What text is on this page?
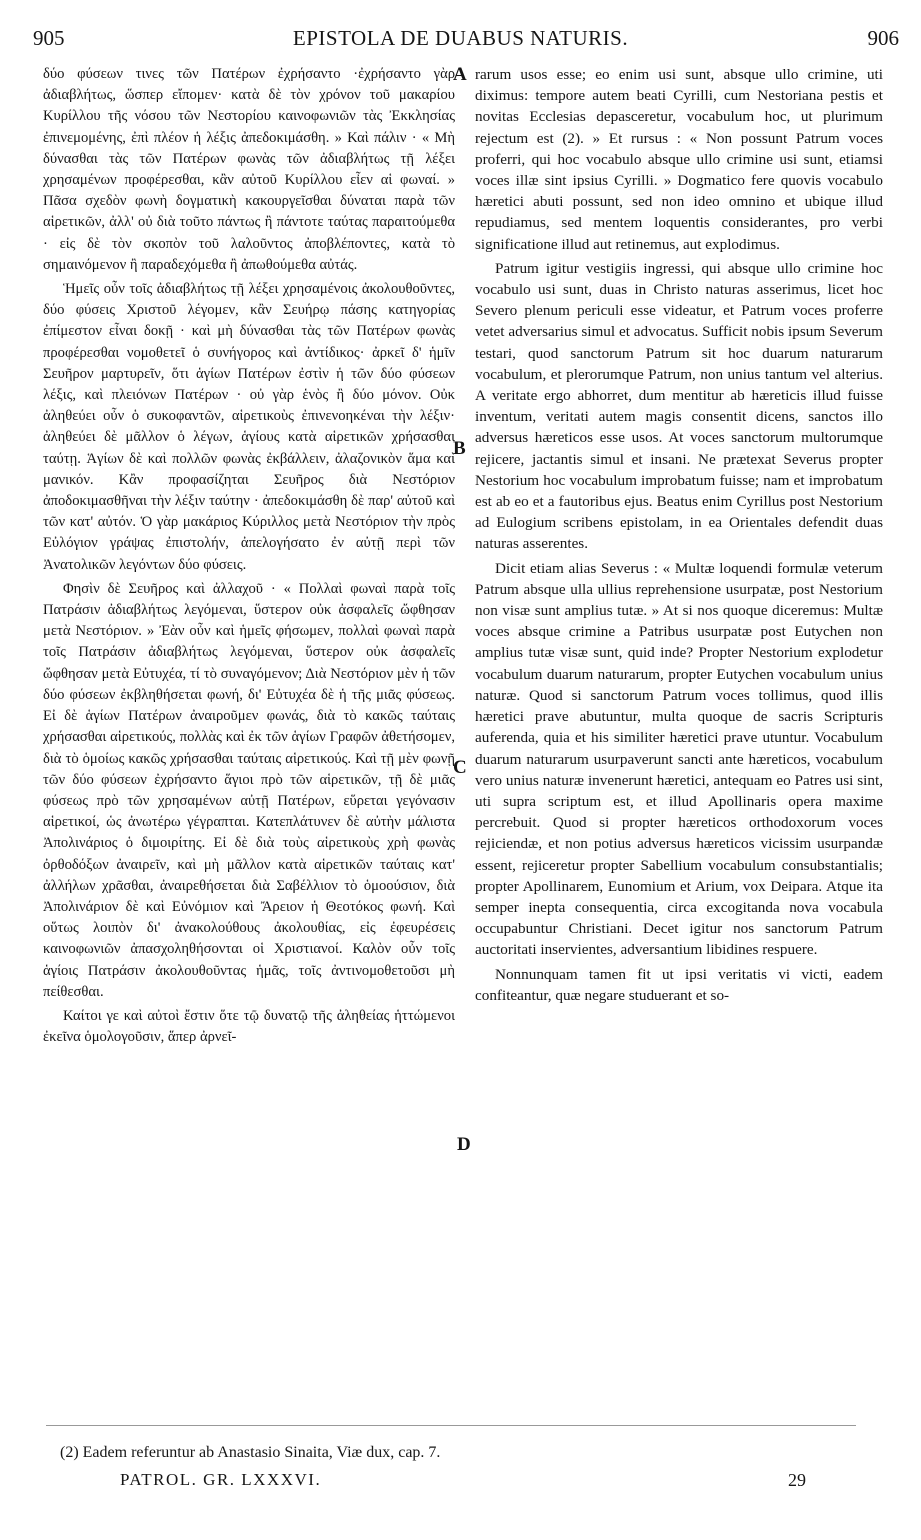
905	EPISTOLA DE DUABUS NATURIS.	906

δύο φύσεων τινες τῶν Πατέρων ἐχρήσαντο ·ἐχρήσαντο γὰρ ἀδιαβλήτως, ὥσπερ εἴπομεν· κατὰ δὲ τὸν χρόνον τοῦ μακαρίου Κυρίλλου τῆς νόσου τῶν Νεστορίου καινοφωνιῶν τὰς Ἐκκλησίας ἐπινεμομένης, ἐπὶ πλέον ἡ λέξις ἀπεδοκιμάσθη. » Καὶ πάλιν · « Μὴ δύνασθαι τὰς τῶν Πατέρων φωνὰς τῶν ἀδιαβλήτως τῇ λέξει χρησαμένων προφέρεσθαι, κἂν αὐτοῦ Κυρίλλου εἶεν αἱ φωναί. » Πᾶσα σχεδὸν φωνὴ δογματικὴ κακουργεῖσθαι δύναται παρὰ τῶν αἱρετικῶν, ἀλλ' οὐ διὰ τοῦτο πάντως ἢ πάντοτε ταύτας παραιτούμεθα · εἰς δὲ τὸν σκοπὸν τοῦ λαλοῦντος ἀποβλέποντες, κατὰ τὸ σημαινόμενον ἢ παραδεχόμεθα ἢ ἀπωθούμεθα αὐτάς.

Ἡμεῖς οὖν τοῖς ἀδιαβλήτως τῇ λέξει χρησαμένοις ἀκολουθοῦντες, δύο φύσεις Χριστοῦ λέγομεν, κἂν Σευήρῳ πάσης κατηγορίας ἐπίμεστον εἶναι δοκῇ · καὶ μὴ δύνασθαι τὰς τῶν Πατέρων φωνὰς προφέρεσθαι νομοθετεῖ ὁ συνήγορος καὶ ἀντίδικος· ἀρκεῖ δ' ἡμῖν Σευῆρον μαρτυρεῖν, ὅτι ἁγίων Πατέρων ἐστὶν ἡ τῶν δύο φύσεων λέξις, καὶ πλειόνων Πατέρων · οὐ γὰρ ἑνὸς ἢ δύο μόνον. Οὐκ ἀληθεύει οὖν ὁ συκοφαντῶν, αἱρετικοὺς ἐπινενοηκέναι τὴν λέξιν· ἀληθεύει δὲ μᾶλλον ὁ λέγων, ἁγίους κατὰ αἱρετικῶν χρήσασθαι ταύτῃ. Ἁγίων δὲ καὶ πολλῶν φωνὰς ἐκβάλλειν, ἀλαζονικὸν ἅμα καὶ μανικόν. Κἂν προφασίζηται Σευῆρος διὰ Νεστόριον ἀποδοκιμασθῆναι τὴν λέξιν ταύτην · ἀπεδοκιμάσθη δὲ παρ' αὐτοῦ καὶ τῶν κατ' αὐτόν. Ὁ γὰρ μακάριος Κύριλλος μετὰ Νεστόριον τὴν πρὸς Εὐλόγιον γράψας ἐπιστολήν, ἀπελογήσατο ἐν αὐτῇ περὶ τῶν Ἀνατολικῶν λεγόντων δύο φύσεις.

Φησὶν δὲ Σευῆρος καὶ ἀλλαχοῦ · « Πολλαὶ φωναὶ παρὰ τοῖς Πατράσιν ἀδιαβλήτως λεγόμεναι, ὕστερον οὐκ ἀσφαλεῖς ὤφθησαν μετὰ Νεστόριον. » Ἐὰν οὖν καὶ ἡμεῖς φήσωμεν, πολλαὶ φωναὶ παρὰ τοῖς Πατράσιν ἀδιαβλήτως λεγόμεναι, ὕστερον οὐκ ἀσφαλεῖς ὤφθησαν μετὰ Εὐτυχέα, τί τὸ συναγόμενον; Διὰ Νεστόριον μὲν ἡ τῶν δύο φύσεων ἐκβληθήσεται φωνή, δι' Εὐτυχέα δὲ ἡ τῆς μιᾶς φύσεως. Εἰ δὲ ἁγίων Πατέρων ἀναιροῦμεν φωνάς, διὰ τὸ κακῶς ταύταις χρήσασθαι αἱρετικούς, πολλὰς καὶ ἐκ τῶν ἁγίων Γραφῶν ἀθετήσομεν, διὰ τὸ ὁμοίως κακῶς χρήσασθαι ταύταις αἱρετικούς. Καὶ τῇ μὲν φωνῇ τῶν δύο φύσεων ἐχρήσαντο ἅγιοι πρὸ τῶν αἱρετικῶν, τῇ δὲ μιᾶς φύσεως πρὸ τῶν χρησαμένων αὐτῇ Πατέρων, εὕρεται γεγόνασιν αἱρετικοί, ὡς ἀνωτέρω γέγραπται. Κατεπλάτυνεν δὲ αὐτὴν μάλιστα Ἀπολινάριος ὁ διμοιρίτης. Εἰ δὲ διὰ τοὺς αἱρετικοὺς χρὴ φωνὰς ὀρθοδόξων ἀναιρεῖν, καὶ μὴ μᾶλλον κατὰ αἱρετικῶν ταύταις κατ' ἀλλήλων χρᾶσθαι, ἀναιρεθήσεται διὰ Σαβέλλιον τὸ ὁμοούσιον, διὰ Ἀπολινάριον δὲ καὶ Εὐνόμιον καὶ Ἄρειον ἡ Θεοτόκος φωνή. Καὶ οὕτως λοιπὸν δι' ἀνακολούθους ἀκολουθίας, εἰς ἐφευρέσεις καινοφωνιῶν ἀπασχοληθήσονται οἱ Χριστιανοί. Καλὸν οὖν τοῖς ἁγίοις Πατράσιν ἀκολουθοῦντας ἡμᾶς, τοῖς ἀντινομοθετοῦσι μὴ πείθεσθαι.

Καίτοι γε καὶ αὐτοὶ ἔστιν ὅτε τῷ δυνατῷ τῆς ἀληθείας ἡττώμενοι ἐκεῖνα ὁμολογοῦσιν, ἅπερ ἀρνεῖ-

A
B
C
D

rarum usos esse; eo enim usi sunt, absque ullo crimine, uti diximus: tempore autem beati Cyrilli, cum Nestoriana pestis et novitas Ecclesias depasceretur, vocabulum hoc, ut plurimum rejectum est (2). » Et rursus : « Non possunt Patrum voces proferri, qui hoc vocabulo absque ullo crimine usi sunt, etiamsi voces illæ sint ipsius Cyrilli. » Dogmatico fere quovis vocabulo hæretici abuti possunt, sed non ideo omnino et ubique illud repudiamus, sed mentem loquentis considerantes, pro verbi significatione illud aut retinemus, aut explodimus.

Patrum igitur vestigiis ingressi, qui absque ullo crimine hoc vocabulo usi sunt, duas in Christo naturas asserimus, licet hoc Severo plenum periculi esse videatur, et Patrum voces proferre vetet adversarius simul et advocatus. Sufficit nobis ipsum Severum testari, quod sanctorum Patrum sit hoc duarum naturarum vocabulum, et plerorumque Patrum, non unius tantum vel alterius. A veritate ergo abhorret, dum mentitur ab hæreticis illud fuisse inventum, veritati autem magis consentit dicens, sanctos illo adversus hæreticos esse usos. At voces sanctorum multorumque rejicere, jactantis simul et insani. Ne prætexat Severus propter Nestorium hoc vocabulum improbatum fuisse; nam et improbatum est ab eo et a fautoribus ejus. Beatus enim Cyrillus post Nestorium ad Eulogium scribens epistolam, in ea Orientales defendit duas naturas asserentes.

Dicit etiam alias Severus : « Multæ loquendi formulæ veterum Patrum absque ulla ullius reprehensione usurpatæ, post Nestorium non visæ sunt amplius tutæ. » At si nos quoque diceremus: Multæ voces absque crimine a Patribus usurpatæ post Eutychen non amplius tutæ visæ sunt, quid inde? Propter Nestorium explodetur vocabulum duarum naturarum, propter Eutychen vocabulum unius naturæ. Quod si sanctorum Patrum voces tollimus, quod illis hæretici prave abutuntur, multa quoque de sacris Scripturis auferenda, quia et his similiter hæretici prave utuntur. Vocabulum duarum naturarum usurpaverunt sancti ante hæreticos, vocabulum vero unius naturæ invenerunt hæretici, antequam eo Patres usi sint, uti supra scriptum est, et illud Apollinaris opera maxime percrebuit. Quod si propter hæreticos orthodoxorum voces rejiciendæ, et non potius adversus hæreticos vicissim usurpandæ essent, rejiceretur propter Sabellium vocabulum consubstantialis; propter Apollinarem, Eunomium et Arium, vox Deipara. Atque ita semper inepta consequentia, circa excogitanda nova vocabula occupabuntur Christiani. Decet igitur nos sanctorum Patrum auctoritati inservientes, adversantium libidines respuere.

Nonnunquam tamen fit ut ipsi veritatis vi victi, eadem confiteantur, quæ negare studuerant et so-

(2) Eadem referuntur ab Anastasio Sinaita, Viæ dux, cap. 7.
PATROL. GR. LXXXVI.	29
